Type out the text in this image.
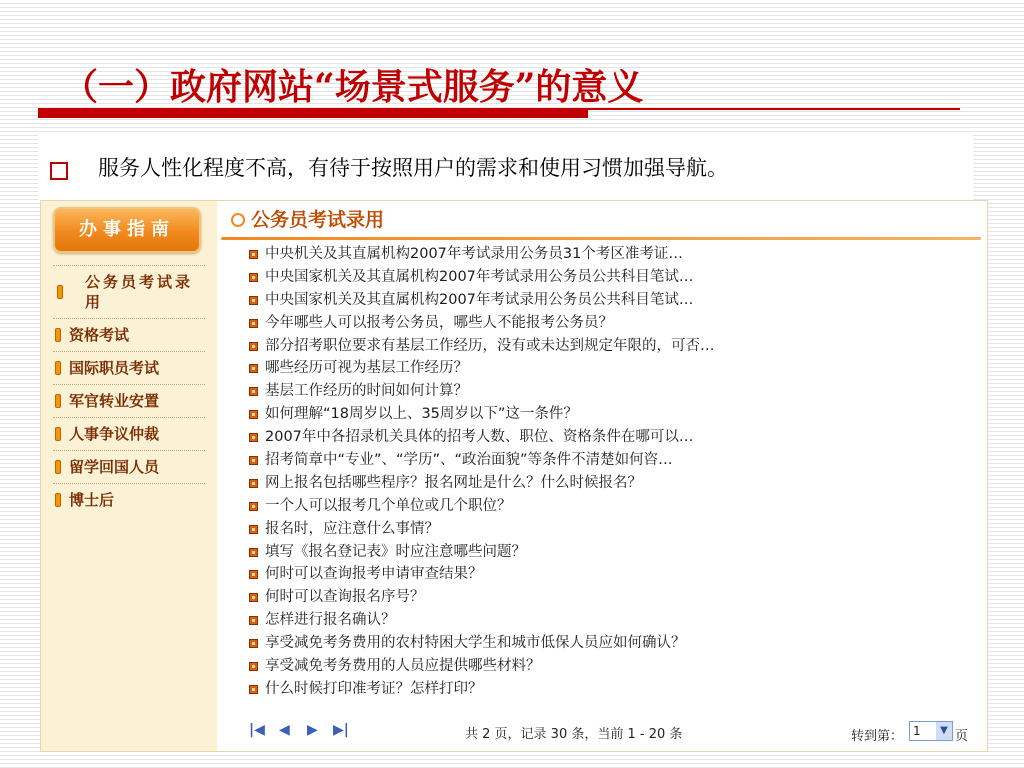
（一）政府网站“场景式服务”的意义
服务人性化程度不高，有待于按照用户的需求和使用习惯加强导航。
办事指南
公务员考试录用
资格考试
国际职员考试
军官转业安置
人事争议仲裁
留学回国人员
博士后
公务员考试录用
中央机关及其直属机构2007年考试录用公务员31个考区准考证…
中央国家机关及其直属机构2007年考试录用公务员公共科目笔试…
中央国家机关及其直属机构2007年考试录用公务员公共科目笔试…
今年哪些人可以报考公务员，哪些人不能报考公务员？
部分招考职位要求有基层工作经历，没有或未达到规定年限的，可否…
哪些经历可视为基层工作经历？
基层工作经历的时间如何计算？
如何理解“18周岁以上、35周岁以下”这一条件？
2007年中各招录机关具体的招考人数、职位、资格条件在哪可以…
招考简章中“专业”、“学历”、“政治面貌”等条件不清楚如何咨…
网上报名包括哪些程序？报名网址是什么？什么时候报名？
一个人可以报考几个单位或几个职位？
报名时，应注意什么事情？
填写《报名登记表》时应注意哪些问题？
何时可以查询报考申请审查结果？
何时可以查询报名序号？
怎样进行报名确认？
享受减免考务费用的农村特困大学生和城市低保人员应如何确认？
享受减免考务费用的人员应提供哪些材料？
什么时候打印准考证？怎样打印？
|◀ ◀ ▶ ▶|	共 2 页，记录 30 条，当前 1 - 20 条	转到第： 1	▼ 页
